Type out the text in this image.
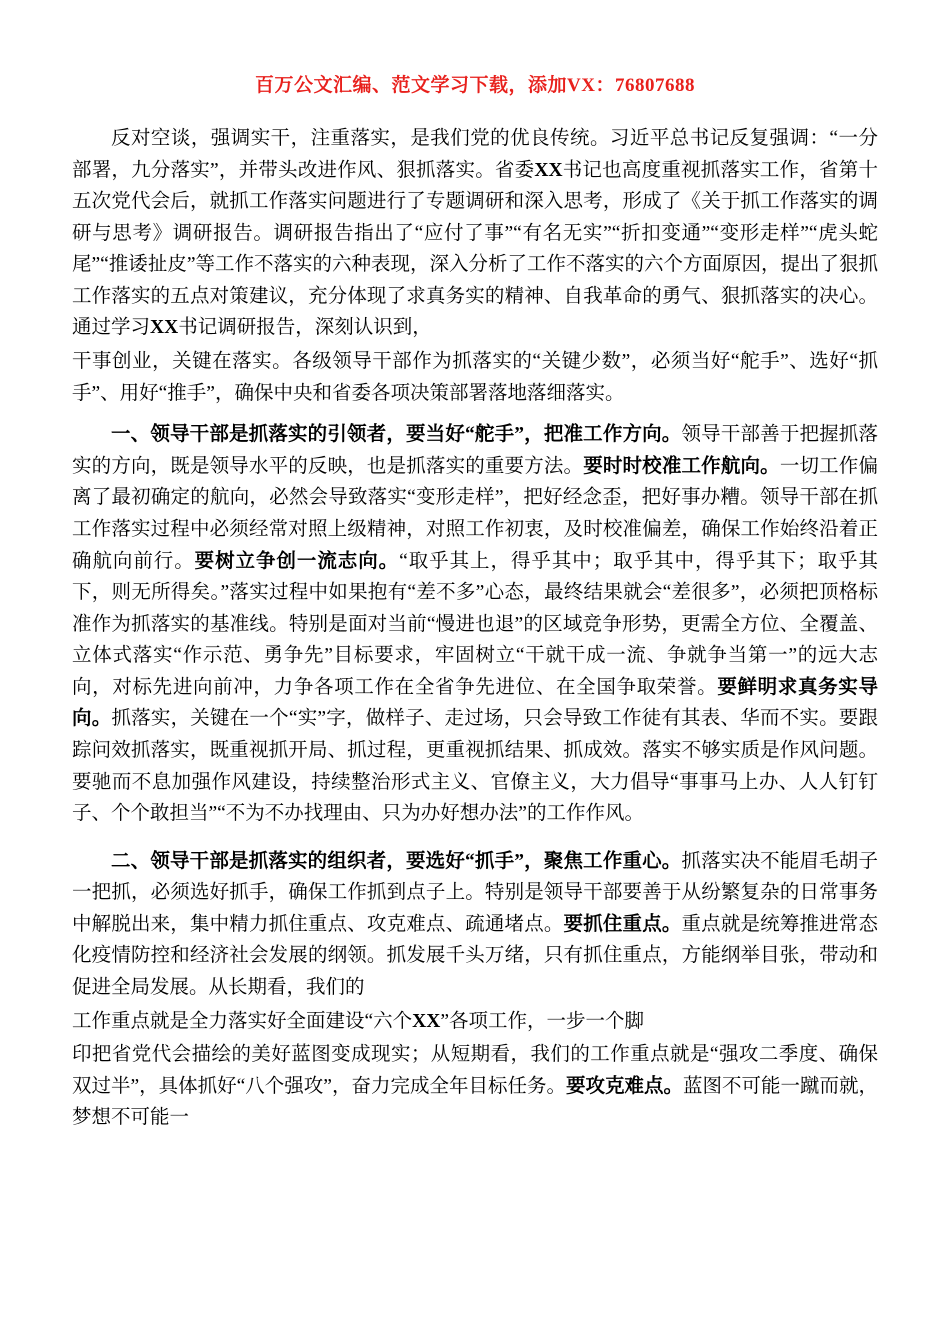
百万公文汇编、范文学习下载，添加VX：76807688

反对空谈，强调实干，注重落实，是我们党的优良传统。习近平总书记反复强调：“一分部署，九分落实”，并带头改进作风、狠抓落实。省委XX书记也高度重视抓落实工作，省第十五次党代会后，就抓工作落实问题进行了专题调研和深入思考，形成了《关于抓工作落实的调研与思考》调研报告。调研报告指出了“应付了事”“有名无实”“折扣变通”“变形走样”“虎头蛇尾”“推诿扯皮”等工作不落实的六种表现，深入分析了工作不落实的六个方面原因，提出了狠抓工作落实的五点对策建议，充分体现了求真务实的精神、自我革命的勇气、狠抓落实的决心。通过学习XX书记调研报告，深刻认识到，

干事创业，关键在落实。各级领导干部作为抓落实的“关键少数”，必须当好“舵手”、选好“抓手”、用好“推手”，确保中央和省委各项决策部署落地落细落实。

一、领导干部是抓落实的引领者，要当好“舵手”，把准工作方向。领导干部善于把握抓落实的方向，既是领导水平的反映，也是抓落实的重要方法。要时时校准工作航向。一切工作偏离了最初确定的航向，必然会导致落实“变形走样”，把好经念歪，把好事办糟。领导干部在抓工作落实过程中必须经常对照上级精神，对照工作初衷，及时校准偏差，确保工作始终沿着正确航向前行。要树立争创一流志向。“取乎其上，得乎其中；取乎其中，得乎其下；取乎其下，则无所得矣。”落实过程中如果抱有“差不多”心态，最终结果就会“差很多”，必须把顶格标准作为抓落实的基准线。特别是面对当前“慢进也退”的区域竞争形势，更需全方位、全覆盖、立体式落实“作示范、勇争先”目标要求，牢固树立“干就干成一流、争就争当第一”的远大志向，对标先进向前冲，力争各项工作在全省争先进位、在全国争取荣誉。要鲜明求真务实导向。抓落实，关键在一个“实”字，做样子、走过场，只会导致工作徒有其表、华而不实。要跟踪问效抓落实，既重视抓开局、抓过程，更重视抓结果、抓成效。落实不够实质是作风问题。要驰而不息加强作风建设，持续整治形式主义、官僚主义，大力倡导“事事马上办、人人钉钉子、个个敢担当”“不为不办找理由、只为办好想办法”的工作作风。

二、领导干部是抓落实的组织者，要选好“抓手”，聚焦工作重心。抓落实决不能眉毛胡子一把抓，必须选好抓手，确保工作抓到点子上。特别是领导干部要善于从纷繁复杂的日常事务中解脱出来，集中精力抓住重点、攻克难点、疏通堵点。要抓住重点。重点就是统筹推进常态化疫情防控和经济社会发展的纲领。抓发展千头万绪，只有抓住重点，方能纲举目张，带动和促进全局发展。从长期看，我们的

工作重点就是全力落实好全面建设“六个XX”各项工作，一步一个脚

印把省党代会描绘的美好蓝图变成现实；从短期看，我们的工作重点就是“强攻二季度、确保双过半”，具体抓好“八个强攻”，奋力完成全年目标任务。要攻克难点。蓝图不可能一蹴而就，梦想不可能一
